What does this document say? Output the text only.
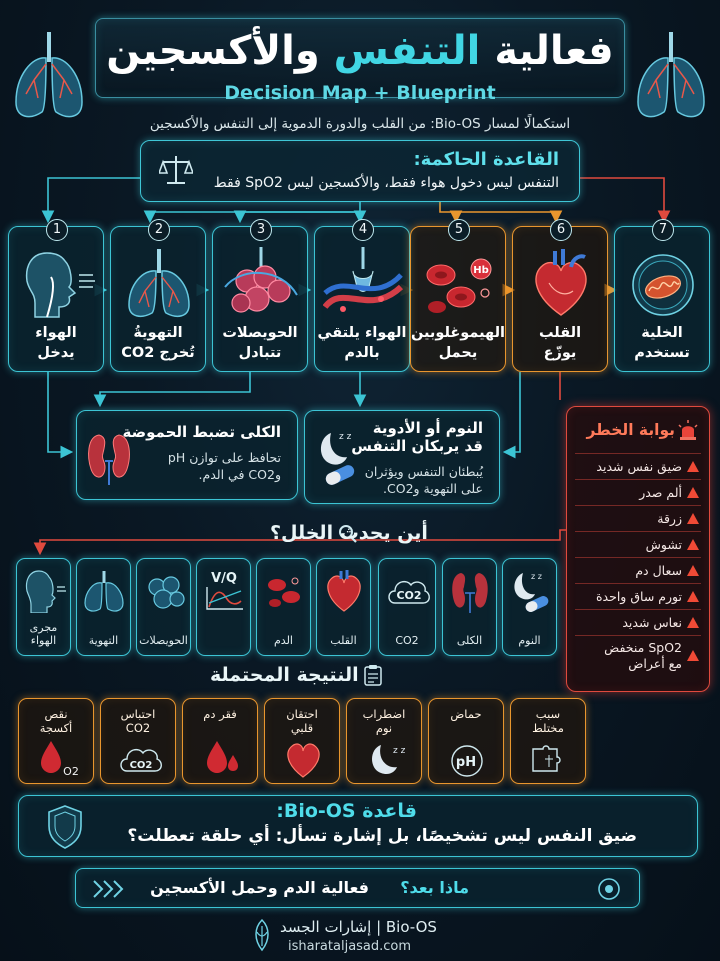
فعالية التنفس والأكسجين
Decision Map + Blueprint
استكمالًا لمسار Bio-OS: من القلب والدورة الدموية إلى التنفس والأكسجين
القاعدة الحاكمة:
التنفس ليس دخول هواء فقط، والأكسجين ليس SpO2 فقط
1
الهواء
يدخل
2
التهويةُ
تُخرج CO2
3
الحويصلات
تتبادل
4
الهواء يلتقي
بالدم
5
Hb
الهيموغلوبين
يحمل
6
القلب
يوزّع
7
الخلية
تستخدم
الكلى تضبط الحموضة
تحافظ على توازن pH
وCO2 في الدم.
z z	النوم أو الأدوية
قد يربكان التنفس
يُبطئان التنفس ويؤثران
على التهوية وCO2.
بوابة الخطر
ضيق نفس شديد
ألم صدر
زرقة
تشوش
سعال دم
تورم ساق واحدة
نعاس شديد
SpO2 منخفض
مع أعراض
أين يحدث الخلل؟
مجرى
الهواء	التهوية	الحويصلات
V/Q
الدم	القلب
CO2
CO2	الكلى
z z
النوم
النتيجة المحتملة
نقص
أكسجة
O2
احتباس
CO2
CO2
فقر دم	احتقان
قلبي
اضطراب
نوم
z z
حماض
pH
سبب
مختلط
قاعدة Bio-OS:
ضيق النفس ليس تشخيصًا، بل إشارة تسأل: أي حلقة تعطلت؟
ماذا بعد؟
فعالية الدم وحمل الأكسجين
إشارات الجسد | Bio-OS
isharataljasad.com
